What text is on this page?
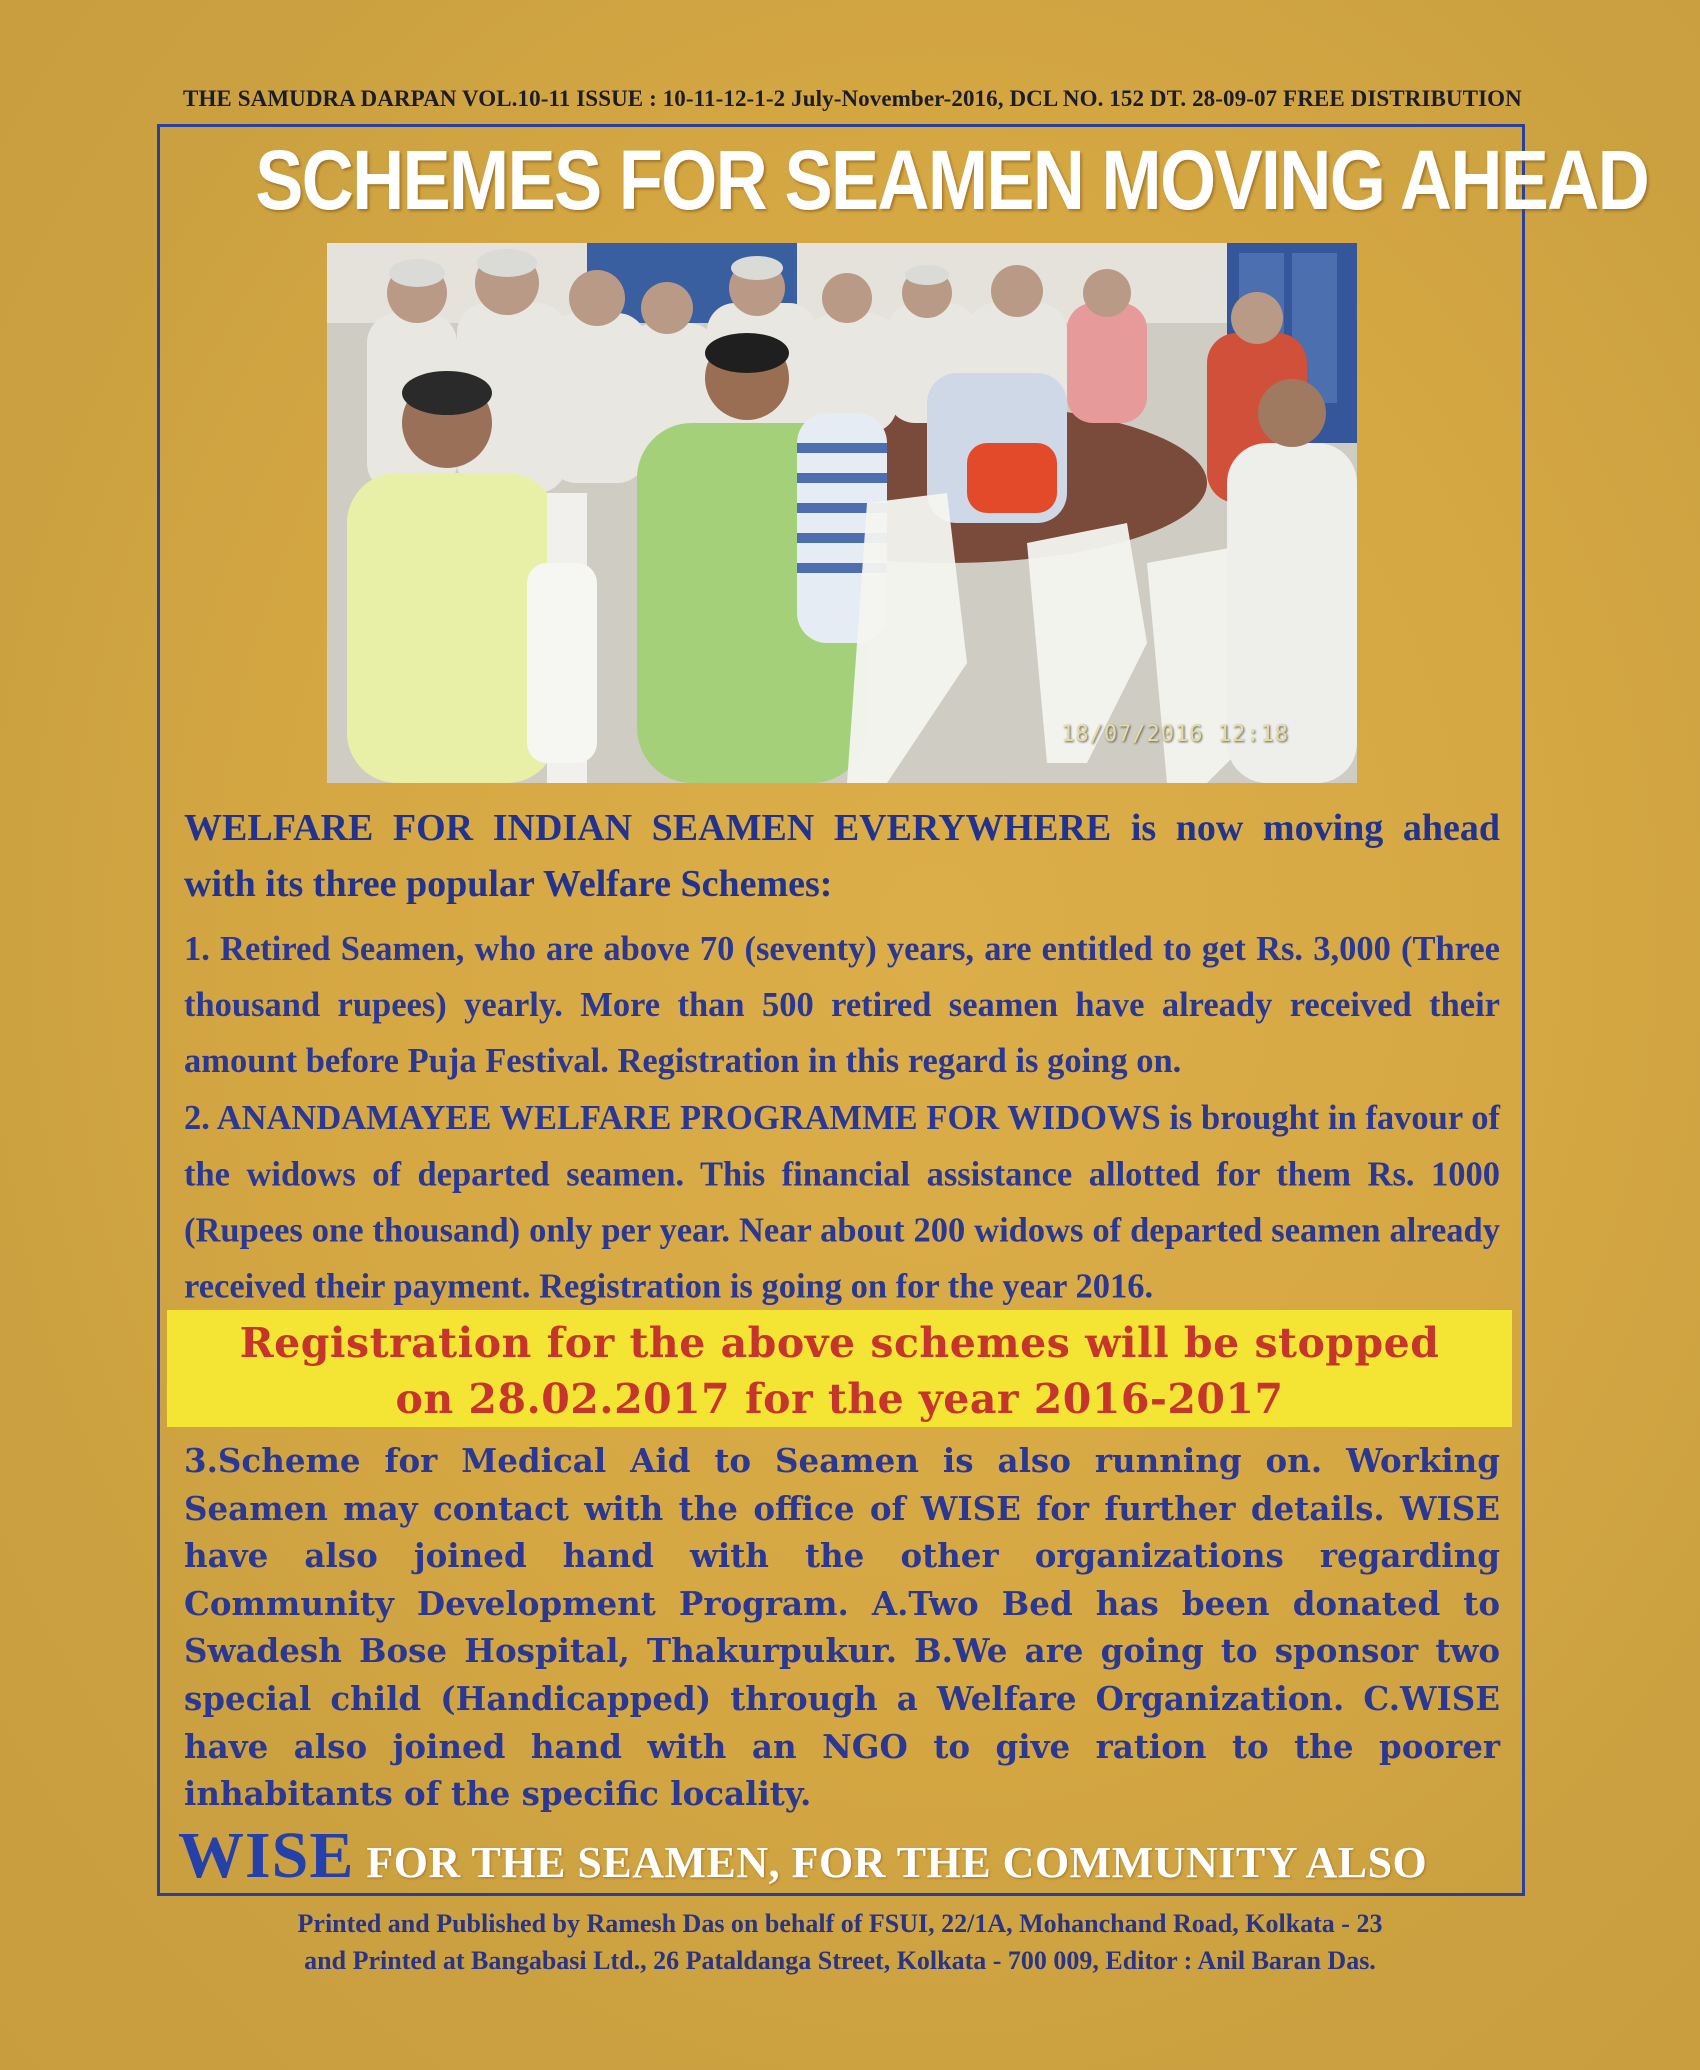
THE SAMUDRA DARPAN VOL.10-11 ISSUE : 10-11-12-1-2 July-November-2016, DCL NO. 152 DT. 28-09-07 FREE DISTRIBUTION
SCHEMES FOR SEAMEN MOVING AHEAD
18/07/2016 12:18
WELFARE FOR INDIAN SEAMEN EVERYWHERE is now moving ahead with its three popular Welfare Schemes:

1. Retired Seamen, who are above 70 (seventy) years, are entitled to get Rs. 3,000 (Three thousand rupees) yearly. More than 500 retired seamen have already received their amount before Puja Festival. Registration in this regard is going on.

2. ANANDAMAYEE WELFARE PROGRAMME FOR WIDOWS is brought in favour of the widows of departed seamen. This financial assistance allotted for them Rs. 1000 (Rupees one thousand) only per year. Near about 200 widows of departed seamen already received their payment. Registration is going on for the year 2016.

Registration for the above schemes will be stopped
on 28.02.2017 for the year 2016-2017
3.Scheme for Medical Aid to Seamen is also running on. Working Seamen may contact with the office of WISE for further details. WISE have also joined hand with the other organizations regarding Community Development Program. A.Two Bed has been donated to Swadesh Bose Hospital, Thakurpukur. B.We are going to sponsor two special child (Handicapped) through a Welfare Organization. C.WISE have also joined hand with an NGO to give ration to the poorer inhabitants of the specific locality.
WISE FOR THE SEAMEN, FOR THE COMMUNITY ALSO
Printed and Published by Ramesh Das on behalf of FSUI, 22/1A, Mohanchand Road, Kolkata - 23
and Printed at Bangabasi Ltd., 26 Pataldanga Street, Kolkata - 700 009, Editor : Anil Baran Das.
